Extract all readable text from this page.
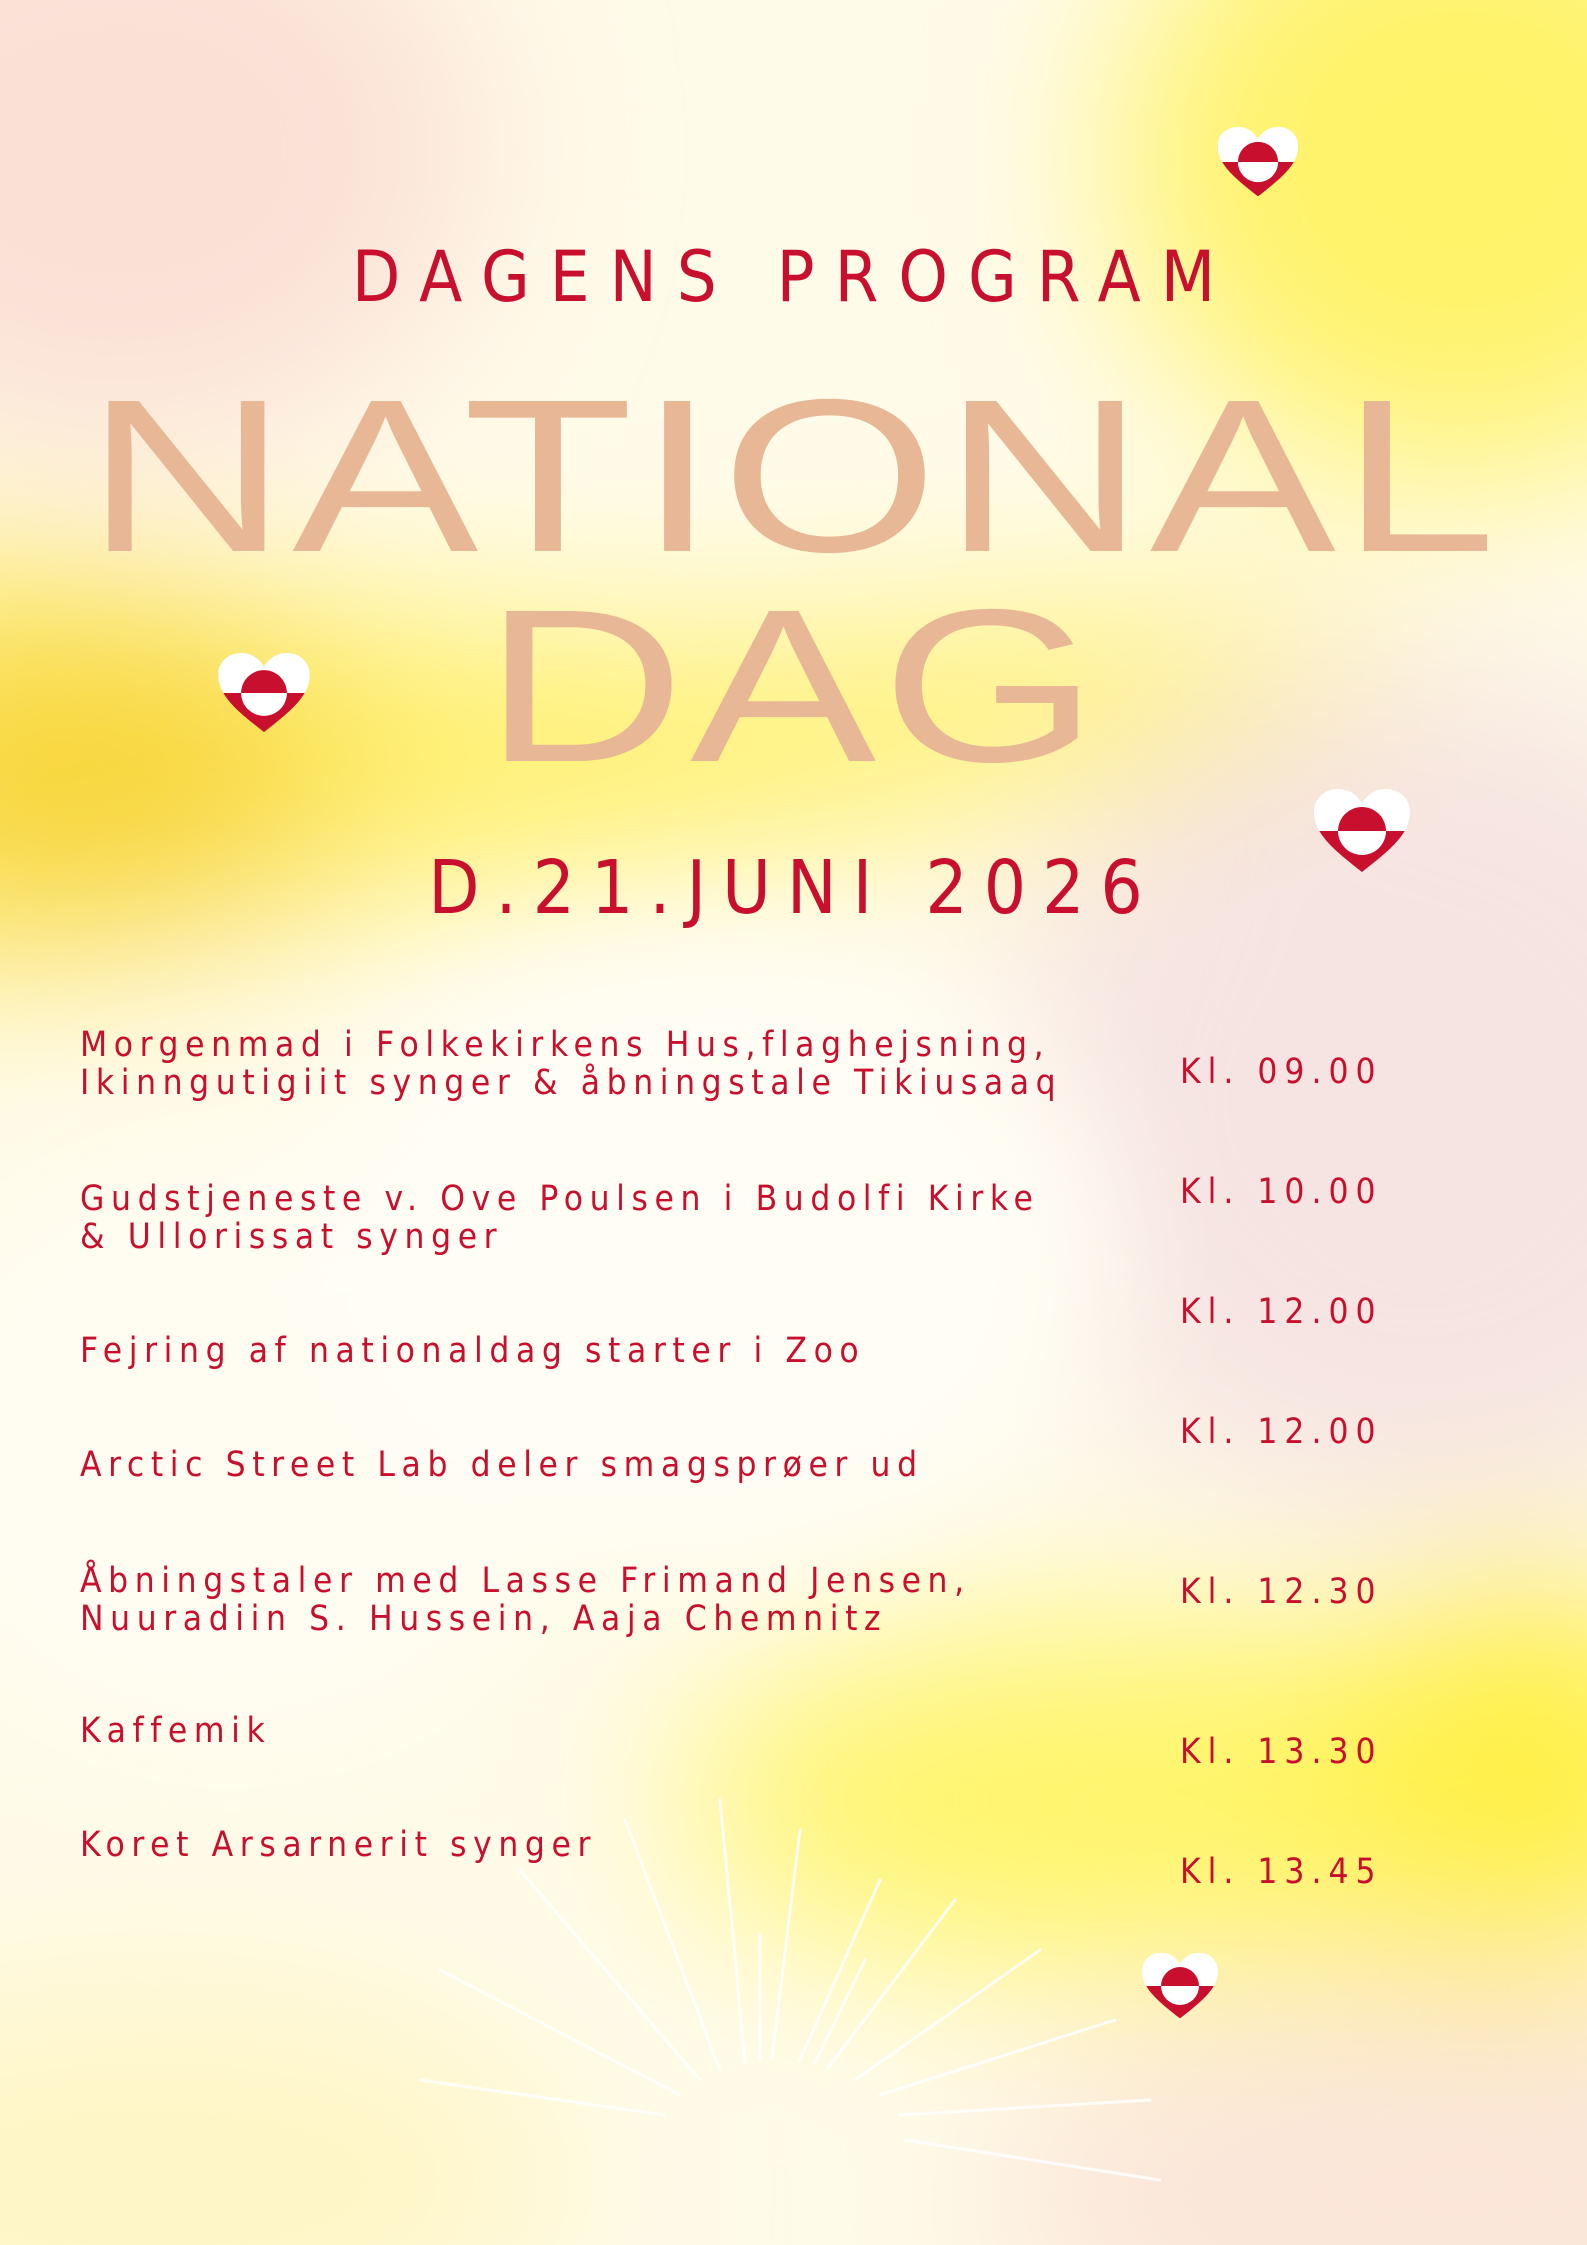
DAGENS PROGRAM
NATIONAL
DAG
D.21.JUNI 2026
Morgenmad i Folkekirkens Hus,flaghejsning,
Ikinngutigiit synger & åbningstale Tikiusaaq	Kl. 09.00
Gudstjeneste v. Ove Poulsen i Budolfi Kirke
& Ullorissat synger
Kl. 10.00
Fejring af nationaldag starter i Zoo
Kl. 12.00
Arctic Street Lab deler smagsprøer ud
Kl. 12.00
Åbningstaler med Lasse Frimand Jensen,
Nuuradiin S. Hussein, Aaja Chemnitz
Kl. 12.30
Kaffemik
Kl. 13.30
Koret Arsarnerit synger
Kl. 13.45
